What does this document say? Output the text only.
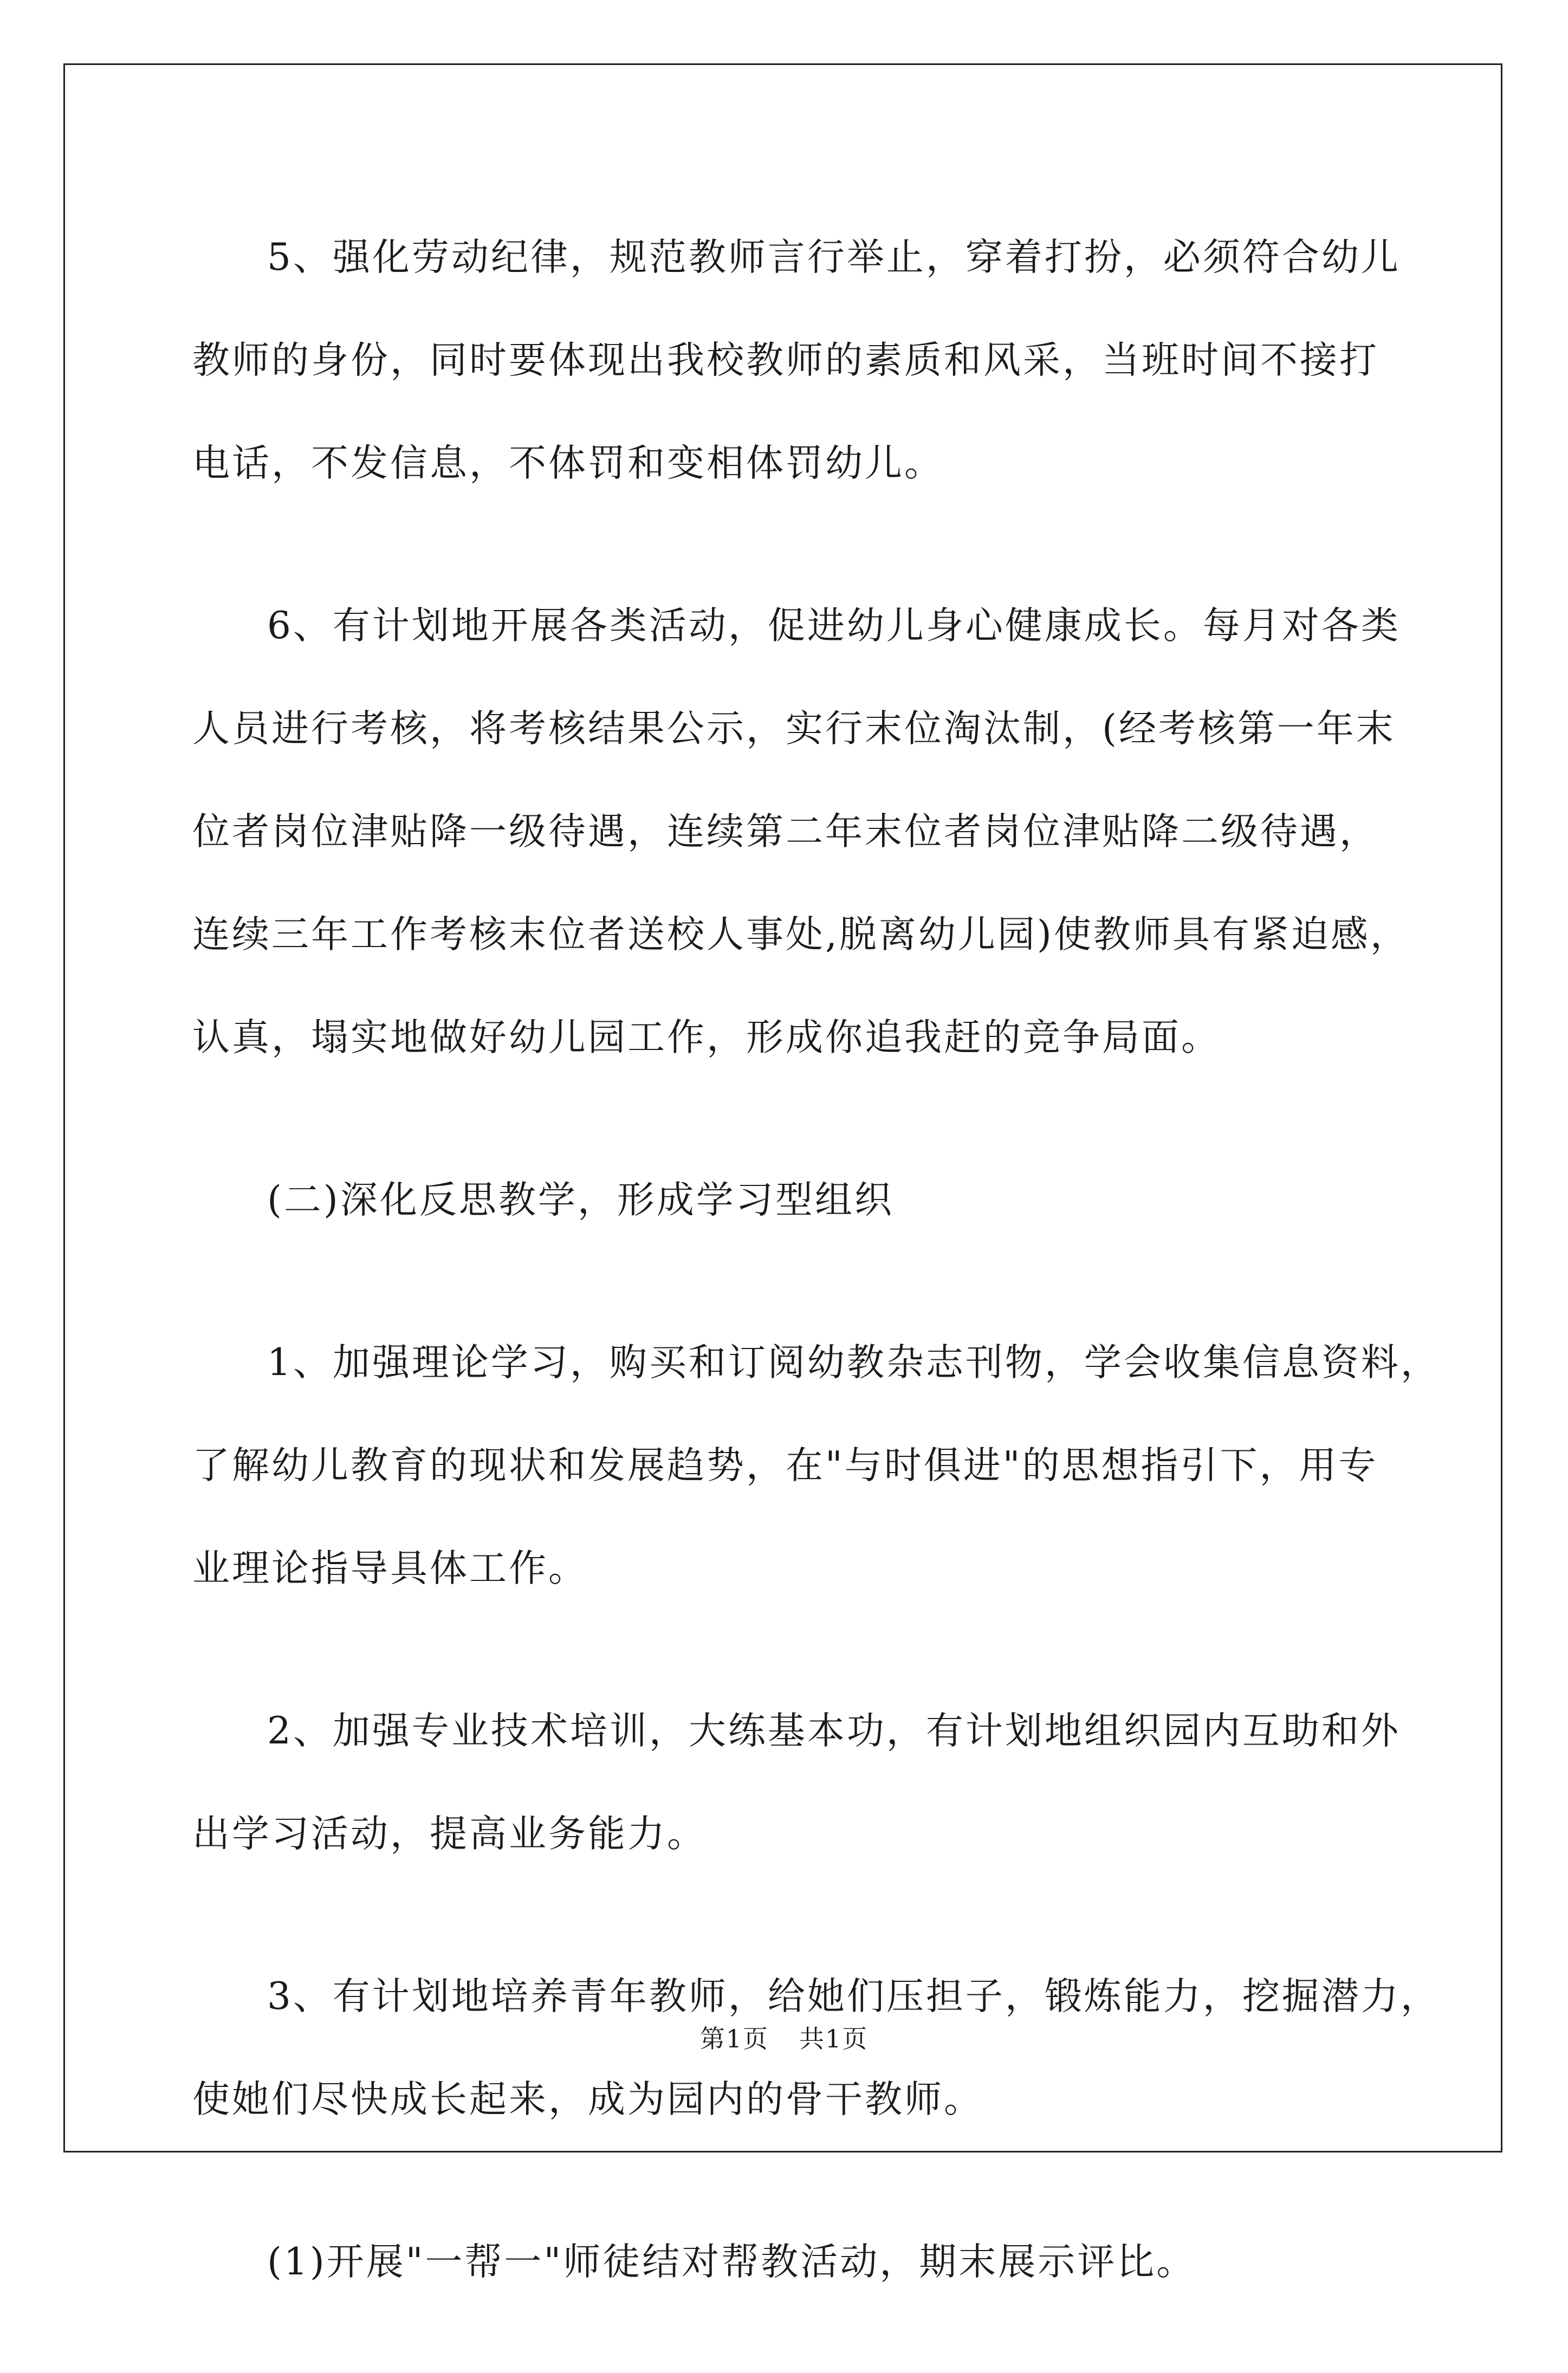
5、强化劳动纪律，规范教师言行举止，穿着打扮，必须符合幼儿
教师的身份，同时要体现出我校教师的素质和风采，当班时间不接打
电话，不发信息，不体罚和变相体罚幼儿。
6、有计划地开展各类活动，促进幼儿身心健康成长。每月对各类
人员进行考核，将考核结果公示，实行末位淘汰制，(经考核第一年末
位者岗位津贴降一级待遇，连续第二年末位者岗位津贴降二级待遇，
连续三年工作考核末位者送校人事处,脱离幼儿园)使教师具有紧迫感，
认真，塌实地做好幼儿园工作，形成你追我赶的竞争局面。
(二)深化反思教学，形成学习型组织
1、加强理论学习，购买和订阅幼教杂志刊物，学会收集信息资料，
了解幼儿教育的现状和发展趋势，在"与时俱进"的思想指引下，用专
业理论指导具体工作。
2、加强专业技术培训，大练基本功，有计划地组织园内互助和外
出学习活动，提高业务能力。
3、有计划地培养青年教师，给她们压担子，锻炼能力，挖掘潜力，
使她们尽快成长起来，成为园内的骨干教师。
(1)开展"一帮一"师徒结对帮教活动，期末展示评比。
第1页 共1页
